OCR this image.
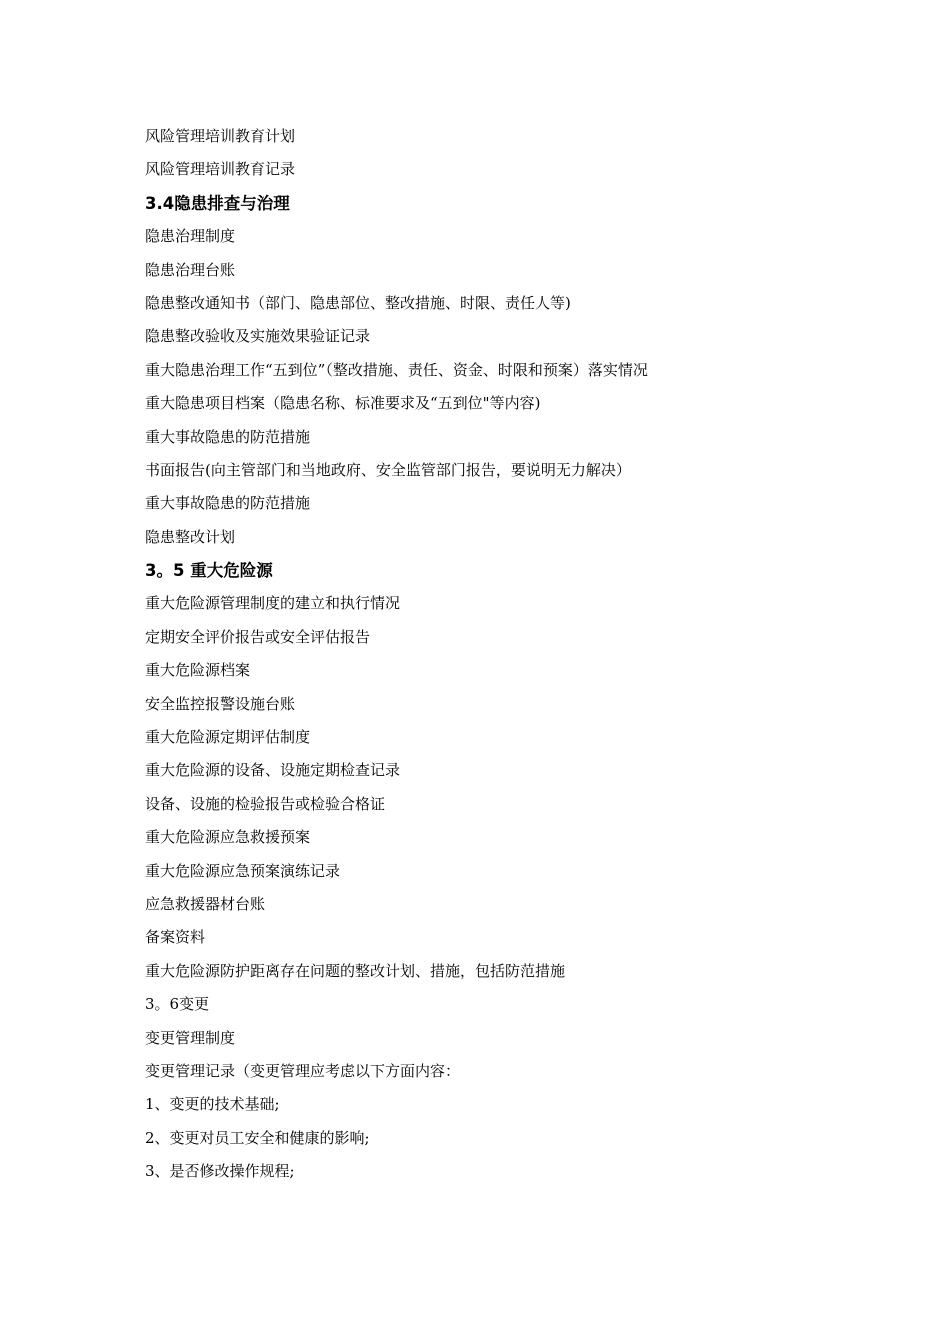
风险管理培训教育计划
风险管理培训教育记录
3.4隐患排查与治理
隐患治理制度
隐患治理台账
隐患整改通知书（部门、隐患部位、整改措施、时限、责任人等)
隐患整改验收及实施效果验证记录
重大隐患治理工作“五到位”（整改措施、责任、资金、时限和预案）落实情况
重大隐患项目档案（隐患名称、标准要求及“五到位"等内容)
重大事故隐患的防范措施
书面报告(向主管部门和当地政府、安全监管部门报告，要说明无力解决）
重大事故隐患的防范措施
隐患整改计划
3。5 重大危险源
重大危险源管理制度的建立和执行情况
定期安全评价报告或安全评估报告
重大危险源档案
安全监控报警设施台账
重大危险源定期评估制度
重大危险源的设备、设施定期检查记录
设备、设施的检验报告或检验合格证
重大危险源应急救援预案
重大危险源应急预案演练记录
应急救援器材台账
备案资料
重大危险源防护距离存在问题的整改计划、措施，包括防范措施
3。6变更
变更管理制度
变更管理记录（变更管理应考虑以下方面内容：
1、变更的技术基础;
2、变更对员工安全和健康的影响;
3、是否修改操作规程;
